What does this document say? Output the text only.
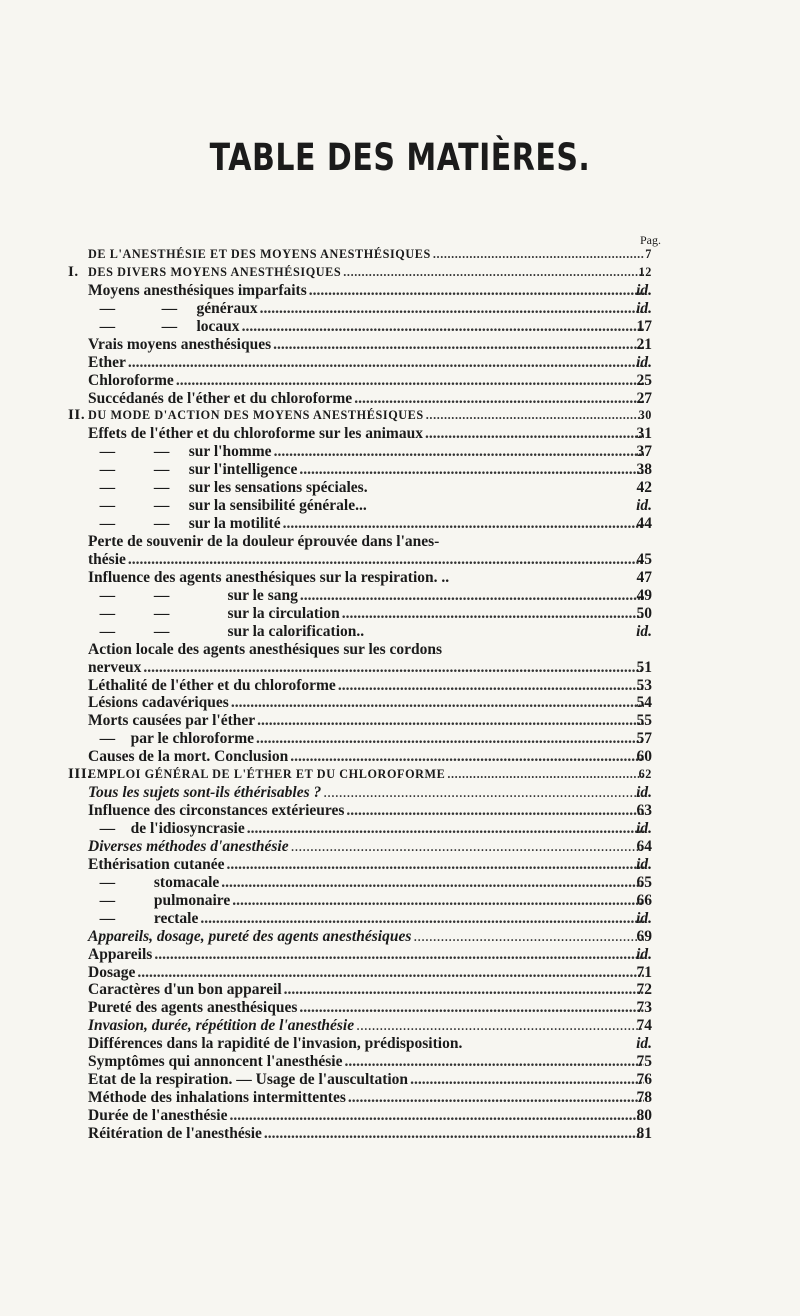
TABLE DES MATIÈRES.
Pag.
DE L'ANESTHÉSIE ET DES MOYENS ANESTHÉSIQUES .....	7
I. DES DIVERS MOYENS ANESTHÉSIQUES .....	12
Moyens anesthésiques imparfaits .....	id.
—            —     généraux .....	id.
—            —     locaux .....	17
Vrais moyens anesthésiques .....	21
Ether .....	id.
Chloroforme .....	25
Succédanés de l'éther et du chloroforme .....	27
II. DU MODE D'ACTION DES MOYENS ANESTHÉSIQUES .....	30
Effets de l'éther et du chloroforme sur les animaux .....	31
—          —     sur l'homme .....	37
—          —     sur l'intelligence .....	38
—          —     sur les sensations spéciales.	42
—          —     sur la sensibilité générale...	id.
—          —     sur la motilité .....	44
Perte de souvenir de la douleur éprouvée dans l'anes-
thésie .....	45
Influence des agents anesthésiques sur la respiration. ..	47
—          —               sur le sang .....	49
—          —               sur la circulation .....	50
—          —               sur la calorification..	id.
Action locale des agents anesthésiques sur les cordons
nerveux .....	51
Léthalité de l'éther et du chloroforme .....	53
Lésions cadavériques .....	54
Morts causées par l'éther .....	55
—    par le chloroforme .....	57
Causes de la mort. Conclusion .....	60
III.
EMPLOI GÉNÉRAL DE L'ÉTHER ET DU CHLOROFORME .....	62
Tous les sujets sont-ils éthérisables ? .....	id.
Influence des circonstances extérieures .....	63
—    de l'idiosyncrasie .....	id.
Diverses méthodes d'anesthésie .....	64
Ethérisation cutanée .....	id.
—          stomacale .....	65
—          pulmonaire .....	66
—          rectale .....	id.
Appareils, dosage, pureté des agents anesthésiques .....	69
Appareils .....	id.
Dosage .....	71
Caractères d'un bon appareil .....	72
Pureté des agents anesthésiques .....	73
Invasion, durée, répétition de l'anesthésie .....	74
Différences dans la rapidité de l'invasion, prédisposition.	id.
Symptômes qui annoncent l'anesthésie .....	75
Etat de la respiration. — Usage de l'auscultation .....	76
Méthode des inhalations intermittentes .....	78
Durée de l'anesthésie .....	80
Réitération de l'anesthésie .....	81
